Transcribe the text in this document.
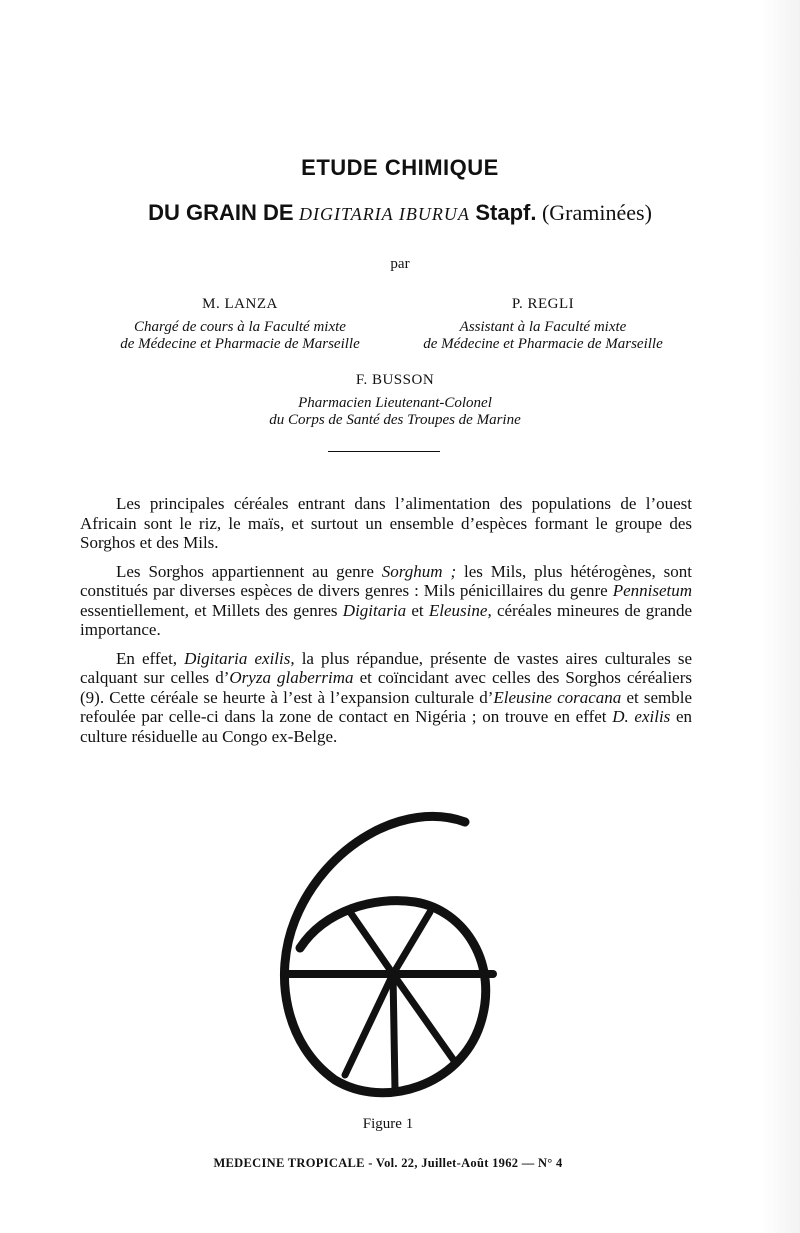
ETUDE CHIMIQUE
DU GRAIN DE DIGITARIA IBURUA Stapf. (Graminées)
par
M. LANZA
Chargé de cours à la Faculté mixte
de Médecine et Pharmacie de Marseille
P. REGLI
Assistant à la Faculté mixte
de Médecine et Pharmacie de Marseille
F. BUSSON
Pharmacien Lieutenant-Colonel
du Corps de Santé des Troupes de Marine

Les principales céréales entrant dans l’alimentation des populations de l’ouest Africain sont le riz, le maïs, et surtout un ensemble d’espèces formant le groupe des Sorghos et des Mils.

Les Sorghos appartiennent au genre Sorghum ; les Mils, plus hétérogènes, sont constitués par diverses espèces de divers genres : Mils pénicillaires du genre Pennisetum essentiellement, et Millets des genres Digitaria et Eleusine, céréales mineures de grande importance.

En effet, Digitaria exilis, la plus répandue, présente de vastes aires culturales se calquant sur celles d’Oryza glaberrima et coïncidant avec celles des Sorghos céréaliers (9). Cette céréale se heurte à l’est à l’expansion culturale d’Eleusine coracana et semble refoulée par celle-ci dans la zone de contact en Nigéria ; on trouve en effet D. exilis en culture résiduelle au Congo ex-Belge.

Figure 1
MEDECINE TROPICALE - Vol. 22, Juillet-Août 1962 — N° 4
